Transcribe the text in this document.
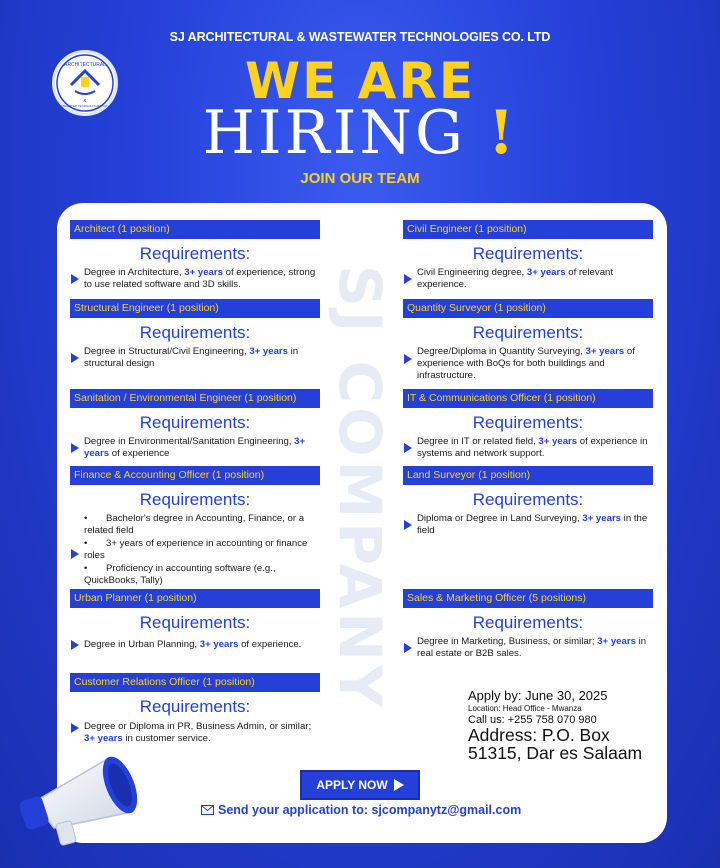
SJ ARCHITECTURAL & WASTEWATER TECHNOLOGIES CO. LTD
ARCHITECTURAL
&
WASTEWATER TECHNOLOGIES CO. LTD	WE ARE
HIRING !
JOIN OUR TEAM
SJ COMPANY
Architect (1 position)
Requirements:
Degree in Architecture, 3+ years of experience, strong to use related software and 3D skills.
Structural Engineer (1 position)
Requirements:
Degree in Structural/Civil Engineering, 3+ years in structural design
Sanitation / Environmental Engineer (1 position)
Requirements:
Degree in Environmental/Sanitation Engineering, 3+ years of experience
Finance & Accounting Officer (1 position)
Requirements:
• Bachelor's degree in Accounting, Finance, or a related field
• 3+ years of experience in accounting or finance roles
• Proficiency in accounting software (e.g., QuickBooks, Tally)
Urban Planner (1 position)
Requirements:
Degree in Urban Planning, 3+ years of experience.
Customer Relations Officer (1 position)
Requirements:
Degree or Diploma in PR, Business Admin, or similar; 3+ years in customer service.
Civil Engineer (1 position)
Requirements:
Civil Engineering degree, 3+ years of relevant experience.
Quantity Surveyor (1 position)
Requirements:
Degree/Diploma in Quantity Surveying, 3+ years of experience with BoQs for both buildings and infrastructure.
IT & Communications Officer (1 position)
Requirements:
Degree in IT or related field, 3+ years of experience in systems and network support.
Land Surveyor (1 position)
Requirements:
Diploma or Degree in Land Surveying, 3+ years in the field
Sales & Marketing Officer (5 positions)
Requirements:
Degree in Marketing, Business, or similar; 3+ years in real estate or B2B sales.
Apply by: June 30, 2025
Location: Head Office - Mwanza
Call us: +255 758 070 980
Address: P.O. Box
51315, Dar es Salaam
APPLY NOW
Send your application to: sjcompanytz@gmail.com
